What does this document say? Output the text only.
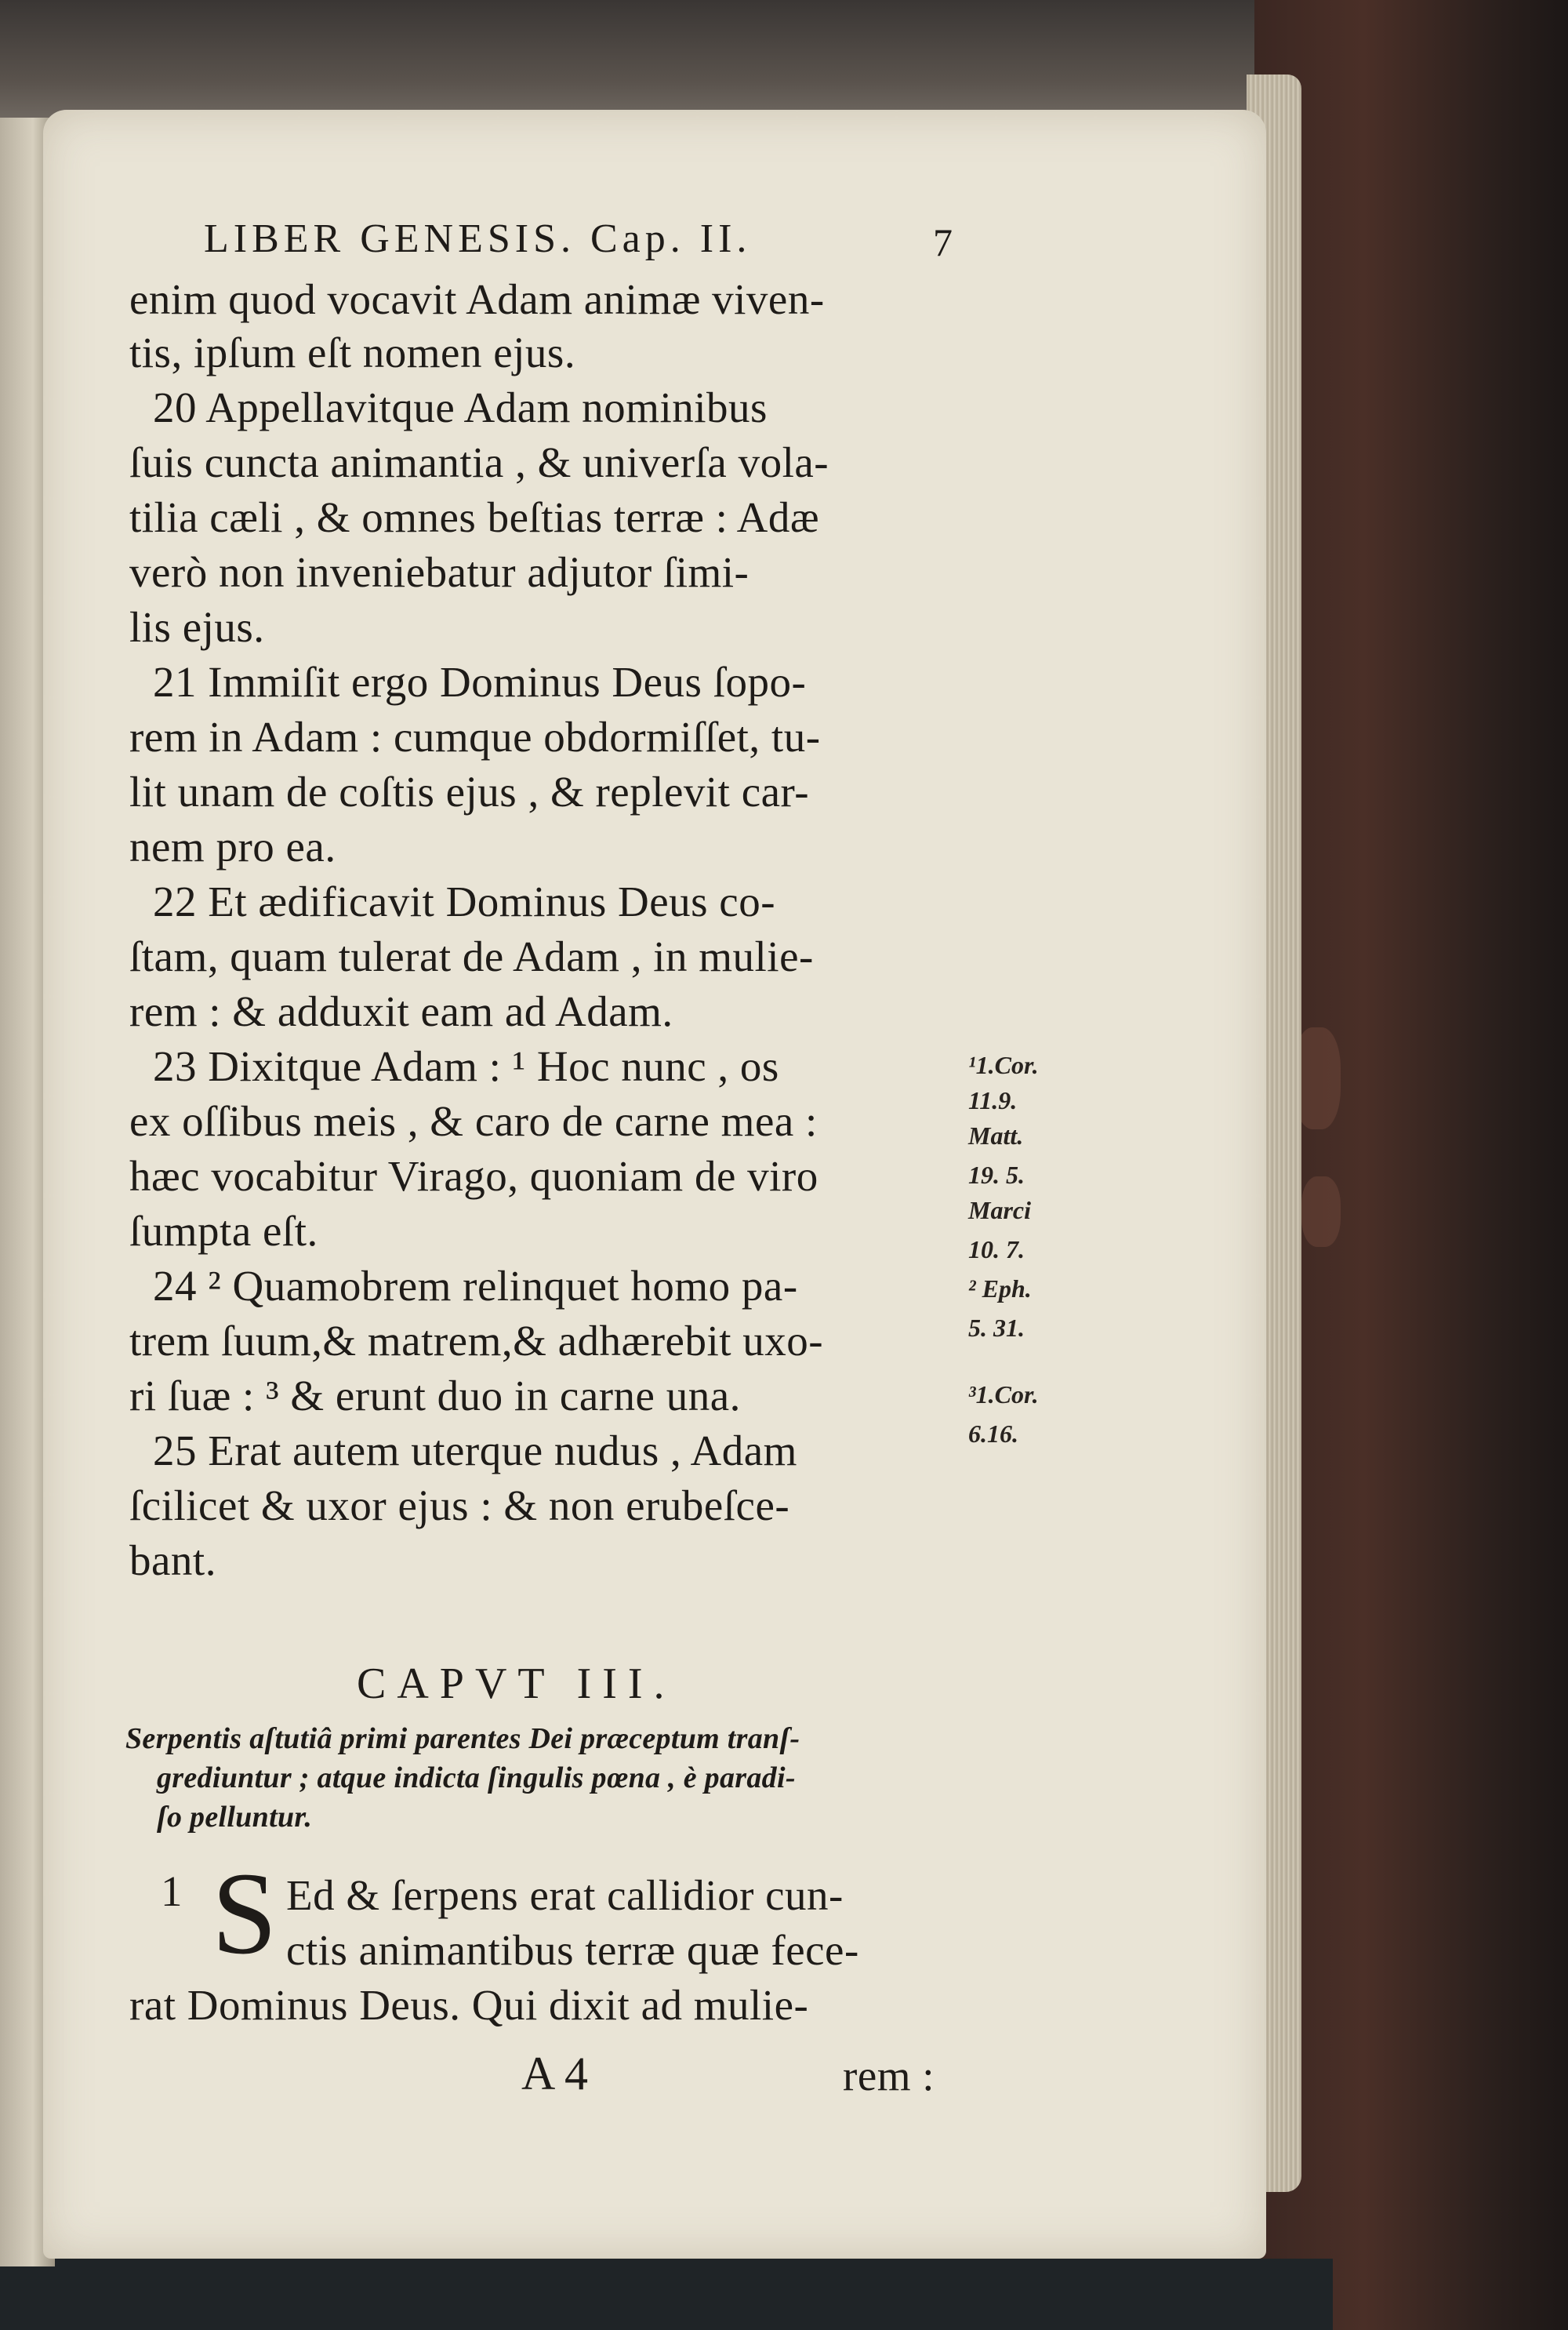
LIBER GENESIS. Cap. II.	7
enim quod vocavit Adam animæ viven-
tis, ipſum eſt nomen ejus.
20 Appellavitque Adam nominibus
ſuis cuncta animantia , & univerſa vola-
tilia cæli , & omnes beſtias terræ : Adæ
verò non inveniebatur adjutor ſimi-
lis ejus.
21 Immiſit ergo Dominus Deus ſopo-
rem in Adam : cumque obdormiſſet, tu-
lit unam de coſtis ejus , & replevit car-
nem pro ea.
22 Et ædificavit Dominus Deus co-
ſtam, quam tulerat de Adam , in mulie-
rem : & adduxit eam ad Adam.
23 Dixitque Adam : ¹ Hoc nunc , os
ex oſſibus meis , & caro de carne mea :
hæc vocabitur Virago, quoniam de viro
ſumpta eſt.
24 ² Quamobrem relinquet homo pa-
trem ſuum,& matrem,& adhærebit uxo-
ri ſuæ : ³ & erunt duo in carne una.
25 Erat autem uterque nudus , Adam
ſcilicet & uxor ejus : & non erubeſce-
bant.
¹1.Cor.
11.9.
Matt.
19. 5.
Marci
10. 7.
² Eph.
5. 31.
³1.Cor.
6.16.
CAPVT III.
Serpentis aſtutiâ primi parentes Dei præceptum tranſ-
grediuntur ; atque indicta ſingulis pœna , è paradi-
ſo pelluntur.
1 S Ed & ſerpens erat callidior cun-
ctis animantibus terræ quæ fece-
rat Dominus Deus. Qui dixit ad mulie-
A 4	rem :
